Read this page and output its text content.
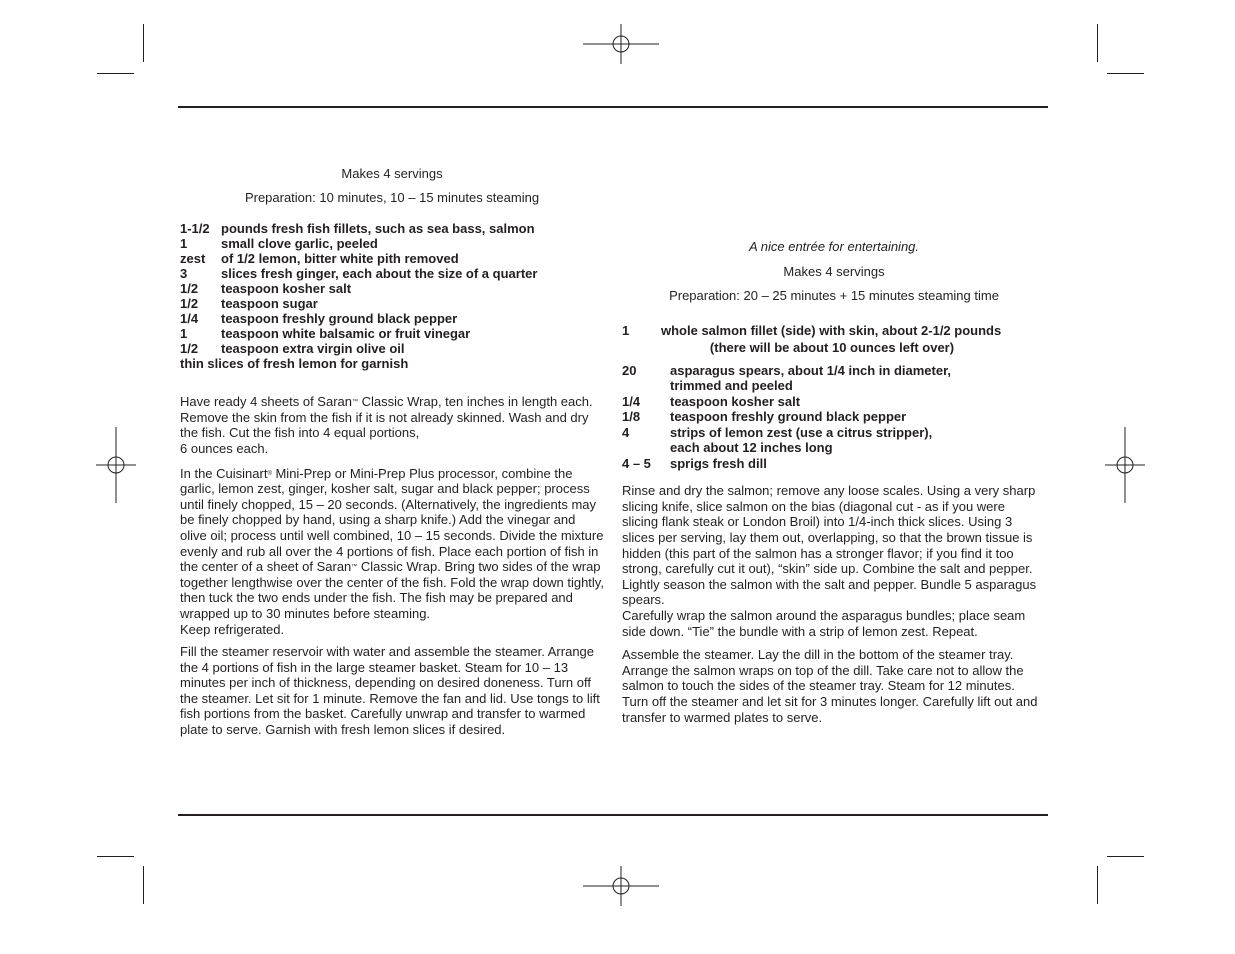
Makes 4 servings

Preparation: 10 minutes, 10 – 15 minutes steaming

1-1/2 pounds fresh fish fillets, such as sea bass, salmon
1	small clove garlic, peeled
zest of 1/2 lemon, bitter white pith removed
3	slices fresh ginger, each about the size of a quarter
1/2 teaspoon kosher salt
1/2 teaspoon sugar
1/4 teaspoon freshly ground black pepper
1	teaspoon white balsamic or fruit vinegar
1/2 teaspoon extra virgin olive oil
thin slices of fresh lemon for garnish

Have ready 4 sheets of Saran™ Classic Wrap, ten inches in length each. Remove the skin from the fish if it is not already skinned. Wash and dry the fish. Cut the fish into 4 equal portions,
6 ounces each.

In the Cuisinart® Mini-Prep or Mini-Prep Plus processor, combine the garlic, lemon zest, ginger, kosher salt, sugar and black pepper; process until finely chopped, 15 – 20 seconds. (Alternatively, the ingredients may be finely chopped by hand, using a sharp knife.) Add the vinegar and olive oil; process until well combined, 10 – 15 seconds. Divide the mixture evenly and rub all over the 4 portions of fish. Place each portion of fish in the center of a sheet of Saran™ Classic Wrap. Bring two sides of the wrap together lengthwise over the center of the fish. Fold the wrap down tightly, then tuck the two ends under the fish. The fish may be prepared and wrapped up to 30 minutes before steaming.
Keep refrigerated.

Fill the steamer reservoir with water and assemble the steamer. Arrange the 4 portions of fish in the large steamer basket. Steam for 10 – 13 minutes per inch of thickness, depending on desired doneness. Turn off the steamer. Let sit for 1 minute. Remove the fan and lid. Use tongs to lift fish portions from the basket. Carefully unwrap and transfer to warmed plate to serve. Garnish with fresh lemon slices if desired.

A nice entrée for entertaining.

Makes 4 servings

Preparation: 20 – 25 minutes + 15 minutes steaming time

1 whole salmon fillet (side) with skin, about 2-1/2 pounds
(there will be about 10 ounces left over)
20	asparagus spears, about 1/4 inch in diameter,
trimmed and peeled
1/4 teaspoon kosher salt
1/8 teaspoon freshly ground black pepper
4	strips of lemon zest (use a citrus stripper),
each about 12 inches long
4 – 5 sprigs fresh dill

Rinse and dry the salmon; remove any loose scales. Using a very sharp slicing knife, slice salmon on the bias (diagonal cut - as if you were slicing flank steak or London Broil) into 1/4-inch thick slices. Using 3 slices per serving, lay them out, overlapping, so that the brown tissue is hidden (this part of the salmon has a stronger flavor; if you find it too strong, carefully cut it out), “skin” side up. Combine the salt and pepper. Lightly season the salmon with the salt and pepper. Bundle 5 asparagus spears.
Carefully wrap the salmon around the asparagus bundles; place seam side down. “Tie” the bundle with a strip of lemon zest. Repeat.

Assemble the steamer. Lay the dill in the bottom of the steamer tray. Arrange the salmon wraps on top of the dill. Take care not to allow the salmon to touch the sides of the steamer tray. Steam for 12 minutes. Turn off the steamer and let sit for 3 minutes longer. Carefully lift out and transfer to warmed plates to serve.
